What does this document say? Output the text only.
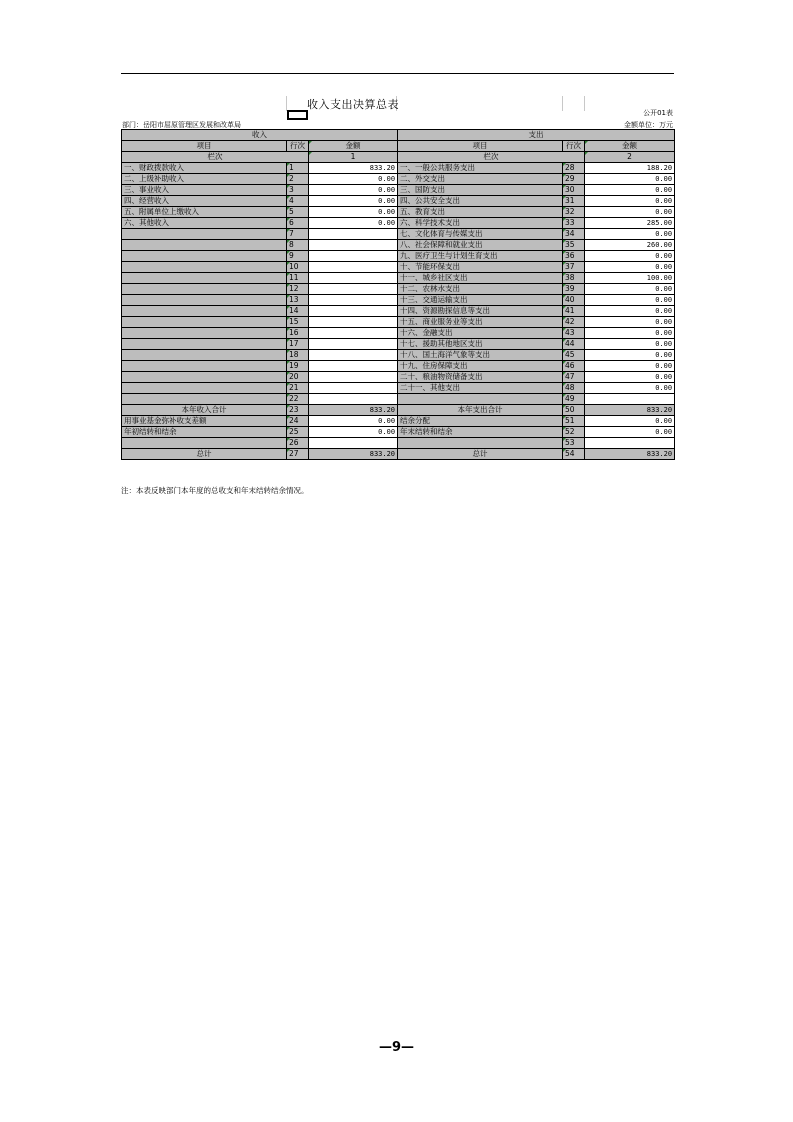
收入支出决算总表
公开01表
部门：岳阳市屈原管理区发展和改革局	金额单位：万元
收入			支出		
项目	行次	金额	项目	行次	金额
栏次		1	栏次		2
一、财政拨款收入	1	833.20	一、一般公共服务支出	28	188.20
二、上级补助收入	2	0.00	二、外交支出	29	0.00
三、事业收入	3	0.00	三、国防支出	30	0.00
四、经营收入	4	0.00	四、公共安全支出	31	0.00
五、附属单位上缴收入	5	0.00	五、教育支出	32	0.00
六、其他收入	6	0.00	六、科学技术支出	33	285.00
	7		七、文化体育与传媒支出	34	0.00
	8		八、社会保障和就业支出	35	260.00
	9		九、医疗卫生与计划生育支出	36	0.00
	10		十、节能环保支出	37	0.00
	11		十一、城乡社区支出	38	100.00
	12		十二、农林水支出	39	0.00
	13		十三、交通运输支出	40	0.00
	14		十四、资源勘探信息等支出	41	0.00
	15		十五、商业服务业等支出	42	0.00
	16		十六、金融支出	43	0.00
	17		十七、援助其他地区支出	44	0.00
	18		十八、国土海洋气象等支出	45	0.00
	19		十九、住房保障支出	46	0.00
	20		二十、粮油物资储备支出	47	0.00
	21		二十一、其他支出	48	0.00
	22			49	
本年收入合计	23	833.20	本年支出合计	50	833.20
用事业基金弥补收支差额	24	0.00	结余分配	51	0.00
年初结转和结余	25	0.00	年末结转和结余	52	0.00
	26			53	
总计	27	833.20	总计	54	833.20
注：本表反映部门本年度的总收支和年末结转结余情况。
—9—
